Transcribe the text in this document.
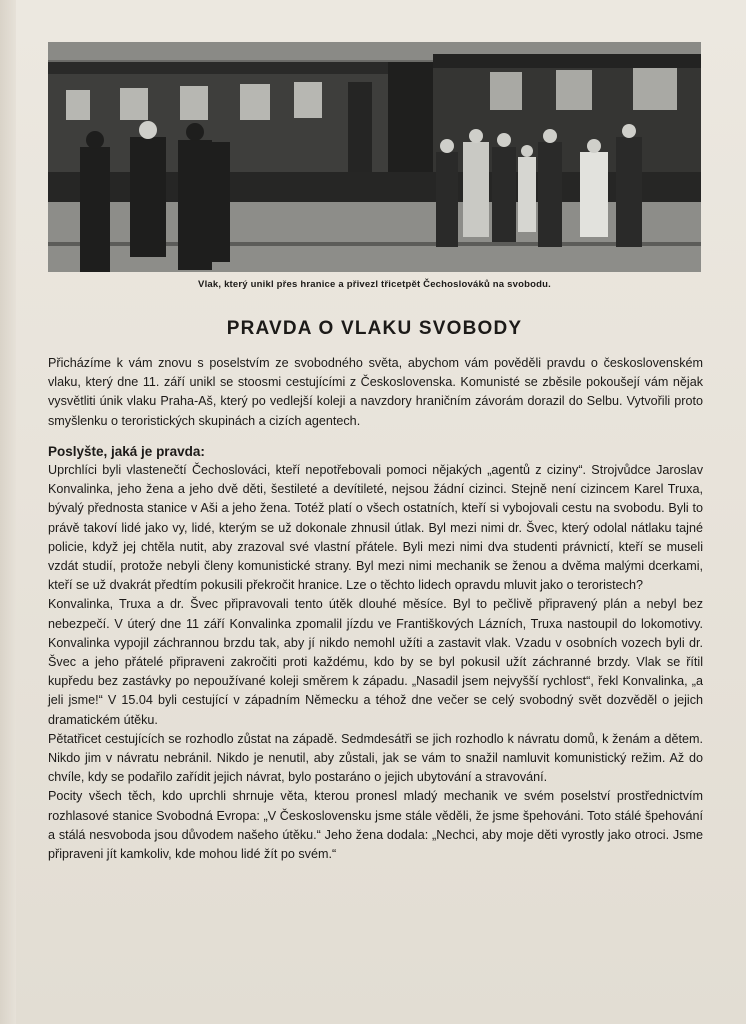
Vlak, který unikl přes hranice a přivezl třicetpět Čechoslováků na svobodu.
PRAVDA O VLAKU SVOBODY

Přicházíme k vám znovu s poselstvím ze svobodného světa, abychom vám pověděli pravdu o československém vlaku, který dne 11. září unikl se stoosmi cestujícími z Československa. Komunisté se zběsile pokoušejí vám nějak vysvětliti únik vlaku Praha-Aš, který po vedlejší koleji a navzdory hraničním závorám dorazil do Selbu. Vytvořili proto smyšlenku o teroristických skupinách a cizích agentech.

Poslyšte, jaká je pravda:

Uprchlíci byli vlastenečtí Čechoslováci, kteří nepotřebovali pomoci nějakých „agentů z ciziny“. Strojvůdce Jaroslav Konvalinka, jeho žena a jeho dvě děti, šestileté a devítileté, nejsou žádní cizinci. Stejně není cizincem Karel Truxa, bývalý přednosta stanice v Aši a jeho žena. Totéž platí o všech ostatních, kteří si vybojovali cestu na svobodu. Byli to právě takoví lidé jako vy, lidé, kterým se už dokonale zhnusil útlak. Byl mezi nimi dr. Švec, který odolal nátlaku tajné policie, když jej chtěla nutit, aby zrazoval své vlastní přátele. Byli mezi nimi dva studenti právnictí, kteří se museli vzdát studií, protože nebyli členy komunistické strany. Byl mezi nimi mechanik se ženou a dvěma malými dcerkami, kteří se už dvakrát předtím pokusili překročit hranice. Lze o těchto lidech opravdu mluvit jako o teroristech?

Konvalinka, Truxa a dr. Švec připravovali tento útěk dlouhé měsíce. Byl to pečlivě připravený plán a nebyl bez nebezpečí. V úterý dne 11 září Konvalinka zpomalil jízdu ve Františkových Lázních, Truxa nastoupil do lokomotivy. Konvalinka vypojil záchrannou brzdu tak, aby jí nikdo nemohl užíti a zastavit vlak. Vzadu v osobních vozech byli dr. Švec a jeho přátelé připraveni zakročiti proti každému, kdo by se byl pokusil užít záchranné brzdy. Vlak se řítil kupředu bez zastávky po nepoužívané koleji směrem k západu. „Nasadil jsem nejvyšší rychlost“, řekl Konvalinka, „a jeli jsme!“ V 15.04 byli cestující v západním Německu a téhož dne večer se celý svobodný svět dozvěděl o jejich dramatickém útěku.

Pětatřicet cestujících se rozhodlo zůstat na západě. Sedmdesátři se jich rozhodlo k návratu domů, k ženám a dětem. Nikdo jim v návratu nebránil. Nikdo je nenutil, aby zůstali, jak se vám to snažil namluvit komunistický režim. Až do chvíle, kdy se podařilo zařídit jejich návrat, bylo postaráno o jejich ubytování a stravování.

Pocity všech těch, kdo uprchli shrnuje věta, kterou pronesl mladý mechanik ve svém poselství prostřednictvím rozhlasové stanice Svobodná Evropa: „V Československu jsme stále věděli, že jsme špehováni. Toto stálé špehování a stálá nesvoboda jsou důvodem našeho útěku.“ Jeho žena dodala: „Nechci, aby moje děti vyrostly jako otroci. Jsme připraveni jít kamkoliv, kde mohou lidé žít po svém.“
